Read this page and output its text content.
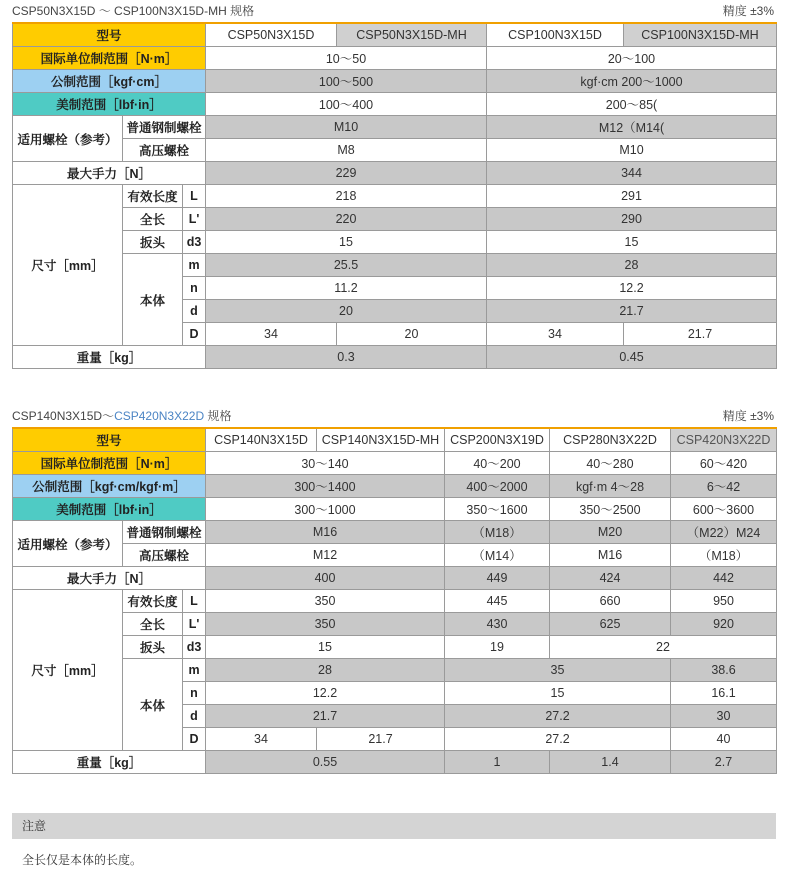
CSP50N3X15D ～ CSP100N3X15D-MH 规格	精度 ±3%
型号			CSP50N3X15D	CSP50N3X15D-MH	CSP100N3X15D	CSP100N3X15D-MH
国际单位制范围［N·m］			10～50		20～100	
公制范围［kgf·cm］			100～500		kgf·cm 200～1000	
美制范围［lbf·in］			100～400		200～85(	
适用螺栓（参考）	普通钢制螺栓		M10		M12（M14(	
	高压螺栓		M8		M10	
最大手力［N］			229		344	
尺寸［mm］	有效长度	L	218		291	
	全长	L'	220		290	
	扳头	d3	15		15	
	本体	m	25.5		28	
		n	11.2		12.2	
		d	20		21.7	
		D	34	20	34	21.7
重量［kg］			0.3		0.45	
CSP140N3X15D～CSP420N3X22D 规格	精度 ±3%
型号			CSP140N3X15D	CSP140N3X15D-MH	CSP200N3X19D	CSP280N3X22D	CSP420N3X22D
国际单位制范围［N·m］			30～140		40～200	40～280	60～420
公制范围［kgf·cm/kgf·m］			300～1400		400～2000	kgf·m 4～28	6～42
美制范围［lbf·in］			300～1000		350～1600	350～2500	600～3600
适用螺栓（参考）	普通钢制螺栓		M16		（M18）	M20	（M22）M24
	高压螺栓		M12		（M14）	M16	（M18）
最大手力［N］			400		449	424	442
尺寸［mm］	有效长度	L	350		445	660	950
	全长	L'	350		430	625	920
	扳头	d3	15		19	22	
	本体	m	28		35		38.6
		n	12.2		15		16.1
		d	21.7		27.2		30
		D	34	21.7	27.2		40
重量［kg］			0.55		1	1.4	2.7
注意
全长仅是本体的长度。
